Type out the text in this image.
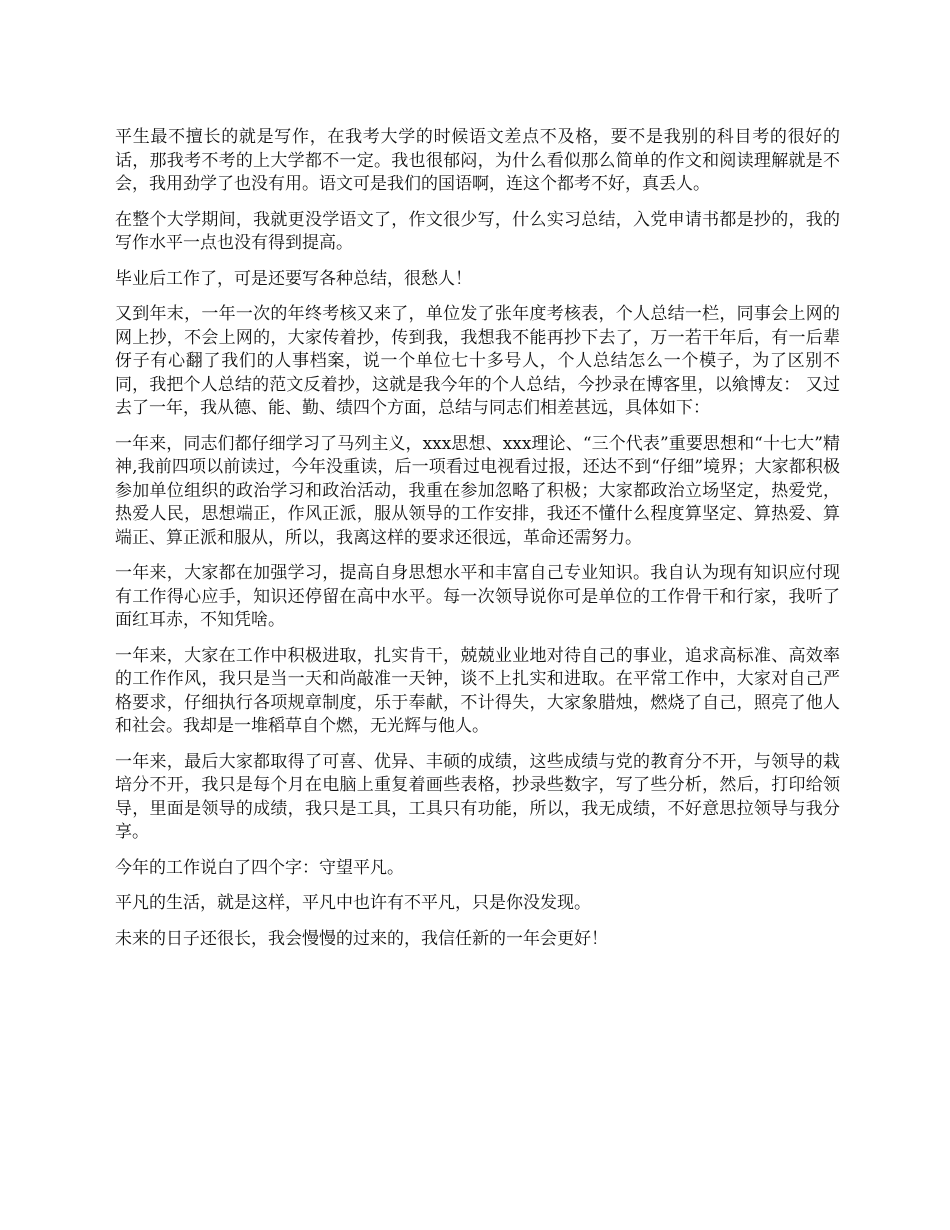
平生最不擅长的就是写作，在我考大学的时候语文差点不及格，要不是我别的科目考的很好的话，那我考不考的上大学都不一定。我也很郁闷，为什么看似那么简单的作文和阅读理解就是不会，我用劲学了也没有用。语文可是我们的国语啊，连这个都考不好，真丢人。

在整个大学期间，我就更没学语文了，作文很少写，什么实习总结，入党申请书都是抄的，我的写作水平一点也没有得到提高。

毕业后工作了，可是还要写各种总结，很愁人！

又到年末，一年一次的年终考核又来了，单位发了张年度考核表，个人总结一栏，同事会上网的网上抄，不会上网的，大家传着抄，传到我，我想我不能再抄下去了，万一若干年后，有一后辈伢子有心翻了我们的人事档案，说一个单位七十多号人，个人总结怎么一个模子，为了区别不同，我把个人总结的范文反着抄，这就是我今年的个人总结，今抄录在博客里，以飨博友： 又过去了一年，我从德、能、勤、绩四个方面，总结与同志们相差甚远，具体如下：

一年来，同志们都仔细学习了马列主义，xxx思想、xxx理论、“三个代表”重要思想和“十七大”精神,我前四项以前读过，今年没重读，后一项看过电视看过报，还达不到“仔细”境界；大家都积极参加单位组织的政治学习和政治活动，我重在参加忽略了积极；大家都政治立场坚定，热爱党，热爱人民，思想端正，作风正派，服从领导的工作安排，我还不懂什么程度算坚定、算热爱、算端正、算正派和服从，所以，我离这样的要求还很远，革命还需努力。

一年来，大家都在加强学习，提高自身思想水平和丰富自己专业知识。我自认为现有知识应付现有工作得心应手，知识还停留在高中水平。每一次领导说你可是单位的工作骨干和行家，我听了面红耳赤，不知凭啥。

一年来，大家在工作中积极进取，扎实肯干，兢兢业业地对待自己的事业，追求高标准、高效率的工作作风，我只是当一天和尚敲准一天钟，谈不上扎实和进取。在平常工作中，大家对自己严格要求，仔细执行各项规章制度，乐于奉献，不计得失，大家象腊烛，燃烧了自己，照亮了他人和社会。我却是一堆稻草自个燃，无光辉与他人。

一年来，最后大家都取得了可喜、优异、丰硕的成绩，这些成绩与党的教育分不开，与领导的栽培分不开，我只是每个月在电脑上重复着画些表格，抄录些数字，写了些分析，然后，打印给领导，里面是领导的成绩，我只是工具，工具只有功能，所以，我无成绩，不好意思拉领导与我分享。

今年的工作说白了四个字：守望平凡。

平凡的生活，就是这样，平凡中也许有不平凡，只是你没发现。

未来的日子还很长，我会慢慢的过来的，我信任新的一年会更好！
